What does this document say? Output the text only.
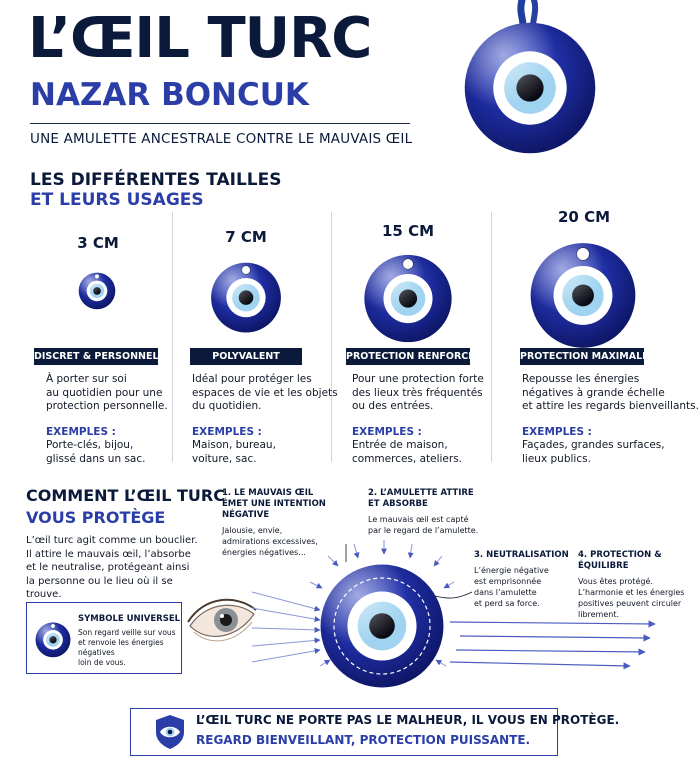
L’ŒIL TURC
NAZAR BONCUK
UNE AMULETTE ANCESTRALE CONTRE LE MAUVAIS ŒIL
LES DIFFÉRENTES TAILLES
ET LEURS USAGES
3 CM
DISCRET & PERSONNEL
À porter sur soi
au quotidien pour une
protection personnelle.
EXEMPLES :
Porte-clés, bijou,
glissé dans un sac.
7 CM
POLYVALENT
Idéal pour protéger les
espaces de vie et les objets
du quotidien.
EXEMPLES :
Maison, bureau,
voiture, sac.
15 CM
PROTECTION RENFORCÉE
Pour une protection forte
des lieux très fréquentés
ou des entrées.
EXEMPLES :
Entrée de maison,
commerces, ateliers.
20 CM
PROTECTION MAXIMALE
Repousse les énergies
négatives à grande échelle
et attire les regards bienveillants.
EXEMPLES :
Façades, grandes surfaces,
lieux publics.
COMMENT L’ŒIL TURC
VOUS PROTÈGE
L’œil turc agit comme un bouclier.
Il attire le mauvais œil, l’absorbe
et le neutralise, protégeant ainsi
la personne ou le lieu où il se trouve.
SYMBOLE UNIVERSEL
Son regard veille sur vous
et renvoie les énergies négatives
loin de vous.
1. LE MAUVAIS ŒIL
ÉMET UNE INTENTION
NÉGATIVE
Jalousie, envie,
admirations excessives,
énergies négatives...
2. L’AMULETTE ATTIRE
ET ABSORBE
Le mauvais œil est capté
par le regard de l’amulette.
3. NEUTRALISATION
L’énergie négative
est emprisonnée
dans l’amulette
et perd sa force.
4. PROTECTION & ÉQUILIBRE
Vous êtes protégé.
L’harmonie et les énergies
positives peuvent circuler
librement.
L’ŒIL TURC NE PORTE PAS LE MALHEUR, IL VOUS EN PROTÈGE.
REGARD BIENVEILLANT, PROTECTION PUISSANTE.
